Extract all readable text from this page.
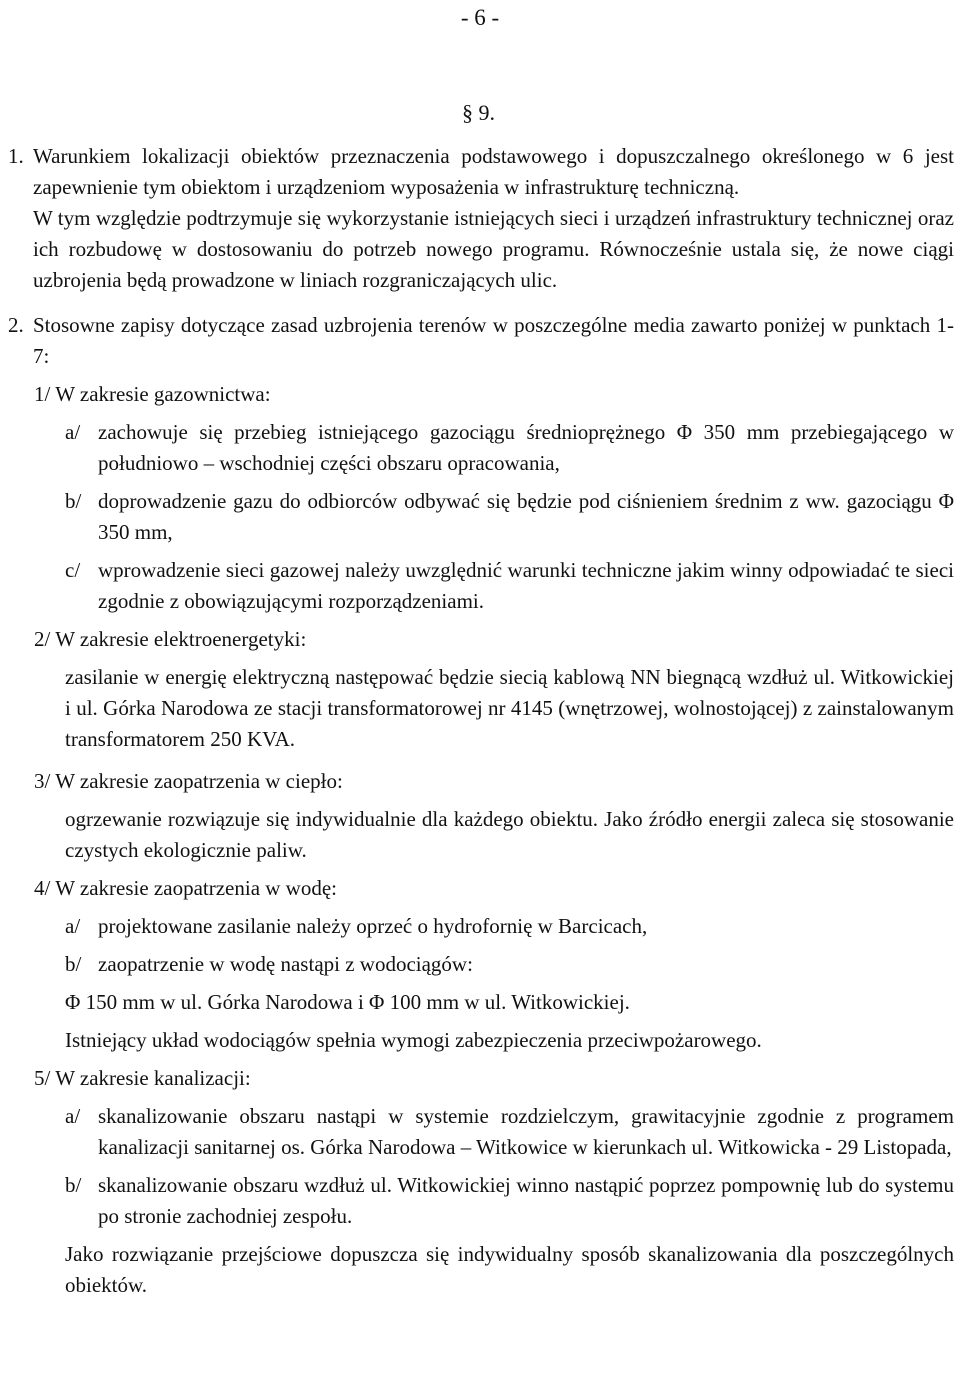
- 6 -
§ 9.
1. Warunkiem lokalizacji obiektów przeznaczenia podstawowego i dopuszczalnego określonego w 6 jest zapewnienie tym obiektom i urządzeniom wyposażenia w infrastrukturę techniczną.

W tym względzie podtrzymuje się wykorzystanie istniejących sieci i urządzeń infrastruktury technicznej oraz ich rozbudowę w dostosowaniu do potrzeb nowego programu. Równocześnie ustala się, że nowe ciągi uzbrojenia będą prowadzone w liniach rozgraniczających ulic.

2. Stosowne zapisy dotyczące zasad uzbrojenia terenów w poszczególne media zawarto poniżej w punktach 1-7:

1/ W zakresie gazownictwa:

a/ zachowuje się przebieg istniejącego gazociągu średnioprężnego Φ 350 mm przebiegającego w południowo – wschodniej części obszaru opracowania,
b/ doprowadzenie gazu do odbiorców odbywać się będzie pod ciśnieniem średnim z ww. gazociągu Φ 350 mm,
c/ wprowadzenie sieci gazowej należy uwzględnić warunki techniczne jakim winny odpowiadać te sieci zgodnie z obowiązującymi rozporządzeniami.

2/ W zakresie elektroenergetyki:

zasilanie w energię elektryczną następować będzie siecią kablową NN biegnącą wzdłuż ul. Witkowickiej i ul. Górka Narodowa ze stacji transformatorowej nr 4145 (wnętrzowej, wolnostojącej) z zainstalowanym transformatorem 250 KVA.

3/ W zakresie zaopatrzenia w ciepło:

ogrzewanie rozwiązuje się indywidualnie dla każdego obiektu. Jako źródło energii zaleca się stosowanie czystych ekologicznie paliw.

4/ W zakresie zaopatrzenia w wodę:

a/ projektowane zasilanie należy oprzeć o hydrofornię w Barcicach,
b/ zaopatrzenie w wodę nastąpi z wodociągów:

Φ 150 mm w ul. Górka Narodowa i Φ 100 mm w ul. Witkowickiej.

Istniejący układ wodociągów spełnia wymogi zabezpieczenia przeciwpożarowego.

5/ W zakresie kanalizacji:

a/ skanalizowanie obszaru nastąpi w systemie rozdzielczym, grawitacyjnie zgodnie z programem kanalizacji sanitarnej os. Górka Narodowa – Witkowice w kierunkach ul. Witkowicka - 29 Listopada,
b/ skanalizowanie obszaru wzdłuż ul. Witkowickiej winno nastąpić poprzez pompownię lub do systemu po stronie zachodniej zespołu.

Jako rozwiązanie przejściowe dopuszcza się indywidualny sposób skanalizowania dla poszczególnych obiektów.
